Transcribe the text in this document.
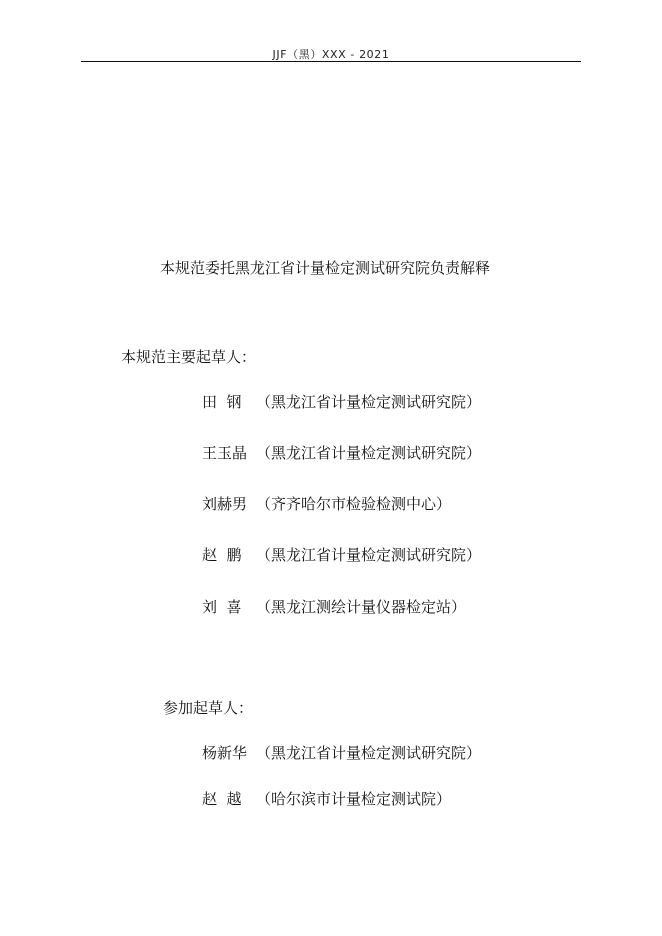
JJF（黑）XXX - 2021
本规范委托黑龙江省计量检定测试研究院负责解释
本规范主要起草人：
田  钢 （黑龙江省计量检定测试研究院）
王玉晶 （黑龙江省计量检定测试研究院）
刘赫男 （齐齐哈尔市检验检测中心）
赵  鹏 （黑龙江省计量检定测试研究院）
刘  喜 （黑龙江测绘计量仪器检定站）
参加起草人：
杨新华 （黑龙江省计量检定测试研究院）
赵  越 （哈尔滨市计量检定测试院）
